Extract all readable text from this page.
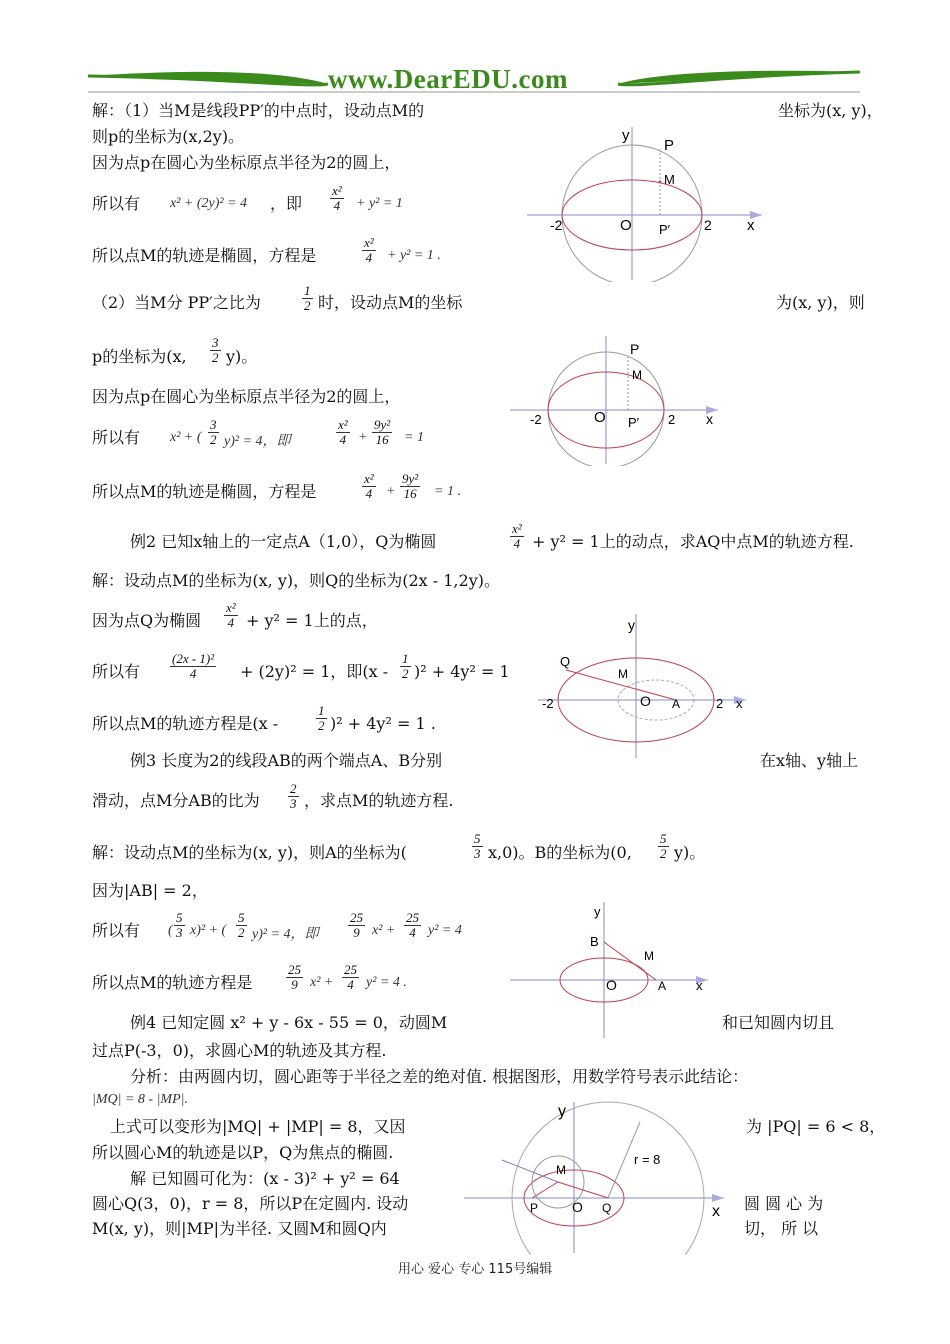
www.DearEDU.com
解：（1）当M是线段PP′的中点时，设动点M的	坐标为(x, y)，
则p的坐标为(x,2y)。
因为点p在圆心为坐标原点半径为2的圆上，
所以有 x² + (2y)² = 4 ，即 $\frac{\text{x²}}{4} + y^2 = 1$
所以点M的轨迹是椭圆，方程是	$\frac{\text{x²}}{4} + y^2 = 1$ .
y
P
M
O P′
-2	2 x
（2）当M分 PP′之比为	$\frac{1}{2}$ 时，设动点M的坐标	为(x, y)，则
p的坐标为(x, $\frac{3}{2} y$)。
因为点p在圆心为坐标原点半径为2的圆上，
所以有 x² + ( $\frac{3}{2} y)^2 = 4$，即	$\frac{\text{x²}}{4} + \frac{\text{9y²}}{16} = 1$
所以点M的轨迹是椭圆，方程是	$\frac{\text{x²}}{4} + \frac{\text{9y²}}{16} = 1$ .
P
M
O P′
-2	2 x
例2 已知x轴上的一定点A（1,0），Q为椭圆	$\frac{\text{x²}}{4} + y^2 = 1$上的动点，求AQ中点M的轨迹方程.
解：设动点M的坐标为(x, y)，则Q的坐标为(2x - 1,2y)。
因为点Q为椭圆 $\frac{\text{x²}}{4} + y^2 = 1$上的点，
所以有 $\frac{\text{(2x - 1)²}}{4} + (2y)^2 = 1$，即$(x - \frac{1}{2} )^2 + 4y^2 = 1$
所以点M的轨迹方程是(x -	$\frac{1}{2} )^2 + 4y^2 = 1$ .
y
Q
M
O A
-2	2 x
例3 长度为2的线段AB的两个端点A、B分别	在x轴、y轴上
滑动，点M分AB的比为 $\frac{2}{3}$ ，求点M的轨迹方程.
解：设动点M的坐标为(x, y)，则A的坐标为(	$\frac{5}{3} x,0$)。B的坐标为(0, $\frac{5}{2} y$)。
因为|AB| = 2，
所以有 ( $\frac{5}{3} x)^2$ + ( $\frac{5}{2} y)^2 = 4$，即 $\frac{25}{9} x^2 + \frac{25}{4} y^2 = 4$
所以点M的轨迹方程是	$\frac{25}{9} x^2 + \frac{25}{4} y^2 = 4$ .
y
B
M
O	A x
例4 已知定圆 x² + y - 6x - 55 = 0，动圆M	和已知圆内切且
过点P(-3，0)，求圆心M的轨迹及其方程.
分析：由两圆内切，圆心距等于半径之差的绝对值. 根据图形，用数学符号表示此结论：
|MQ| = 8 - |MP|.
上式可以变形为|MQ| + |MP| = 8，又因	为 |PQ| = 6 < 8，
所以圆心M的轨迹是以P，Q为焦点的椭圆.
解 已知圆可化为：(x - 3)² + y² = 64
圆心Q(3，0)，r = 8，所以P在定圆内. 设动	圆 圆 心 为
M(x, y)，则|MP|为半径. 又圆M和圆Q内	切， 所 以
y
r = 8
M
P O Q	x
用心 爱心 专心 115号编辑
